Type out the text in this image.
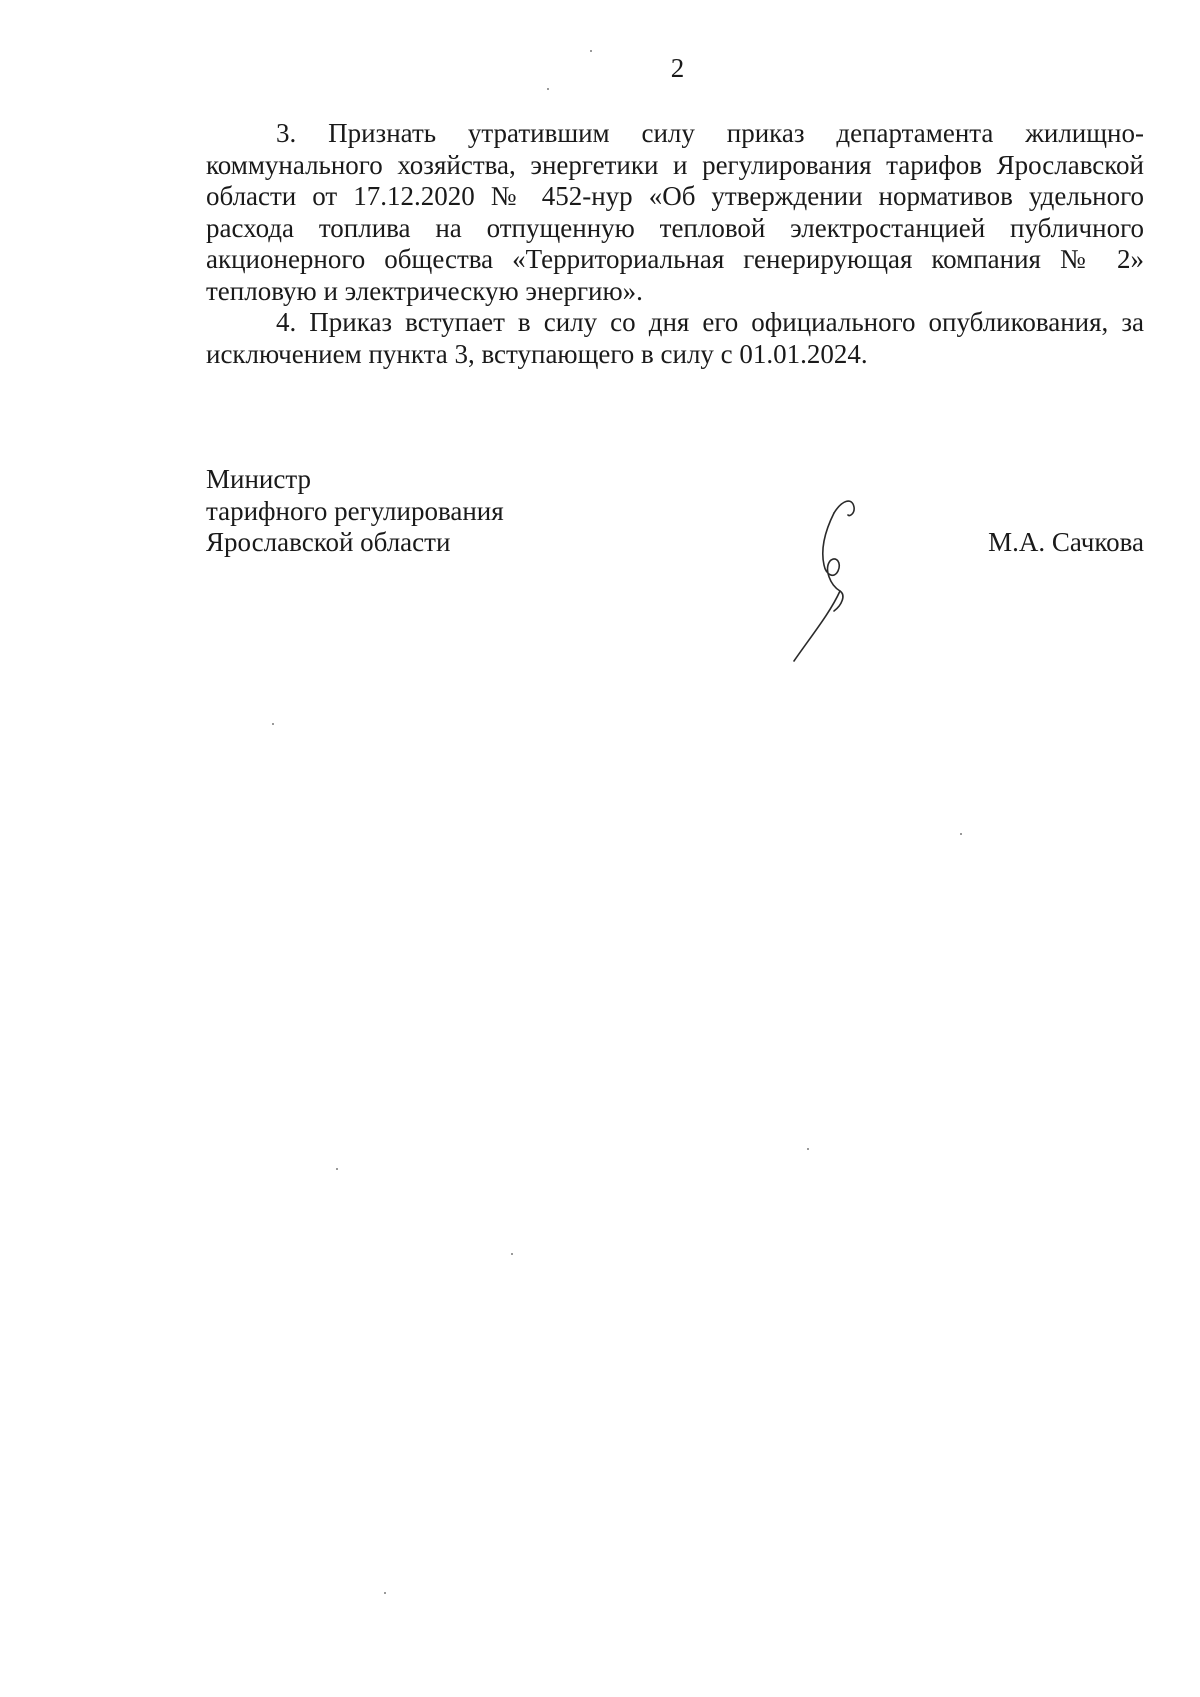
2

3. Признать утратившим силу приказ департамента жилищно-коммунального хозяйства, энергетики и регулирования тарифов Ярославской области от 17.12.2020 № 452-нур «Об утверждении нормативов удельного расхода топлива на отпущенную тепловой электростанцией публичного акционерного общества «Территориальная генерирующая компания № 2» тепловую и электрическую энергию».

4. Приказ вступает в силу со дня его официального опубликования, за исключением пункта 3, вступающего в силу с 01.01.2024.

Министр
тарифного регулирования
Ярославской области	М.А. Сачкова
